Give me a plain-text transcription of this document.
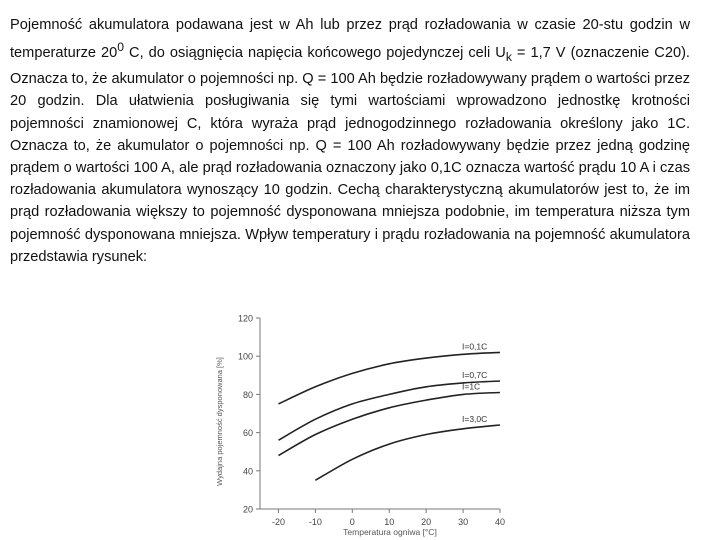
Pojemność akumulatora podawana jest w Ah lub przez prąd rozładowania w czasie 20-stu godzin w temperaturze $20^0$ C, do osiągnięcia napięcia końcowego pojedynczej celi $U_k = 1,7$ V (oznaczenie C20). Oznacza to, że akumulator o pojemności np. Q = 100 Ah będzie rozładowywany prądem o wartości przez 20 godzin. Dla ułatwienia posługiwania się tymi wartościami wprowadzono jednostkę krotności pojemności znamionowej C, która wyraża prąd jednogodzinnego rozładowania określony jako 1C. Oznacza to, że akumulator o pojemności np. Q = 100 Ah rozładowywany będzie przez jedną godzinę prądem o wartości 100 A, ale prąd rozładowania oznaczony jako 0,1C oznacza wartość prądu 10 A i czas rozładowania akumulatora wynoszący 10 godzin. Cechą charakterystyczną akumulatorów jest to, że im prąd rozładowania większy to pojemność dysponowana mniejsza podobnie, im temperatura niższa tym pojemność dysponowana mniejsza. Wpływ temperatury i prądu rozładowania na pojemność akumulatora przedstawia rysunek:

20
40
60
80
100
120
-20	-10	0	10	20	30	40
Temperatura ogniwa [°C]
Wydajna pojemność dysponowana [%]
I=0,1C
I=0,7C
I=1C
I=3,0C
